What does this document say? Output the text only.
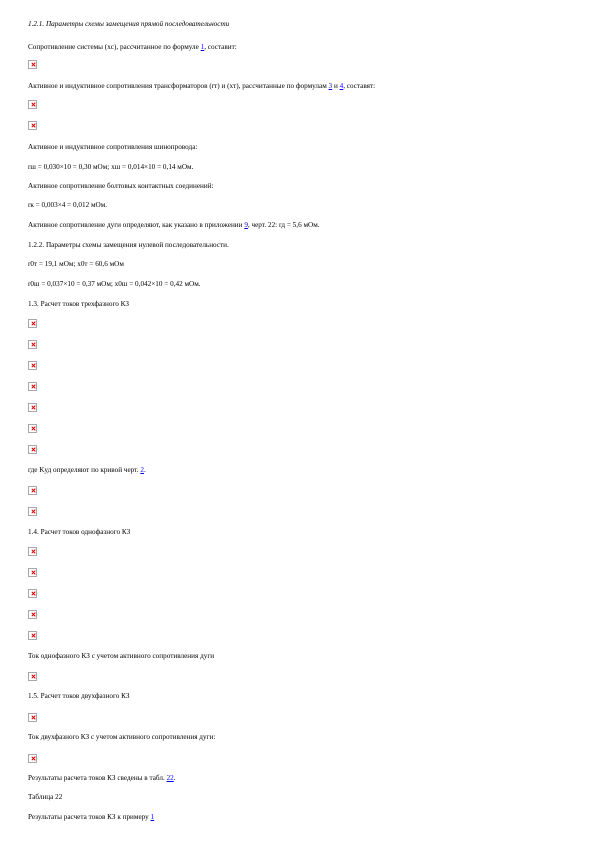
1.2.1. Параметры схемы замещения прямой последовательности
Сопротивление системы (xс), рассчитанное по формуле 1, составит:
Активное и индуктивное сопротивления трансформаторов (rт) и (xт), рассчитанные по формулам 3 и 4, составят:
Активное и индуктивное сопротивления шинопровода:
rш = 0,030×10 = 0,30 мОм; xш = 0,014×10 = 0,14 мОм.
Активное сопротивление болтовых контактных соединений:
rк = 0,003×4 = 0,012 мОм.
Активное сопротивление дуги определяют, как указано в приложении 9, черт. 22: rд = 5,6 мОм.
1.2.2. Параметры схемы замещения нулевой последовательности.
r0т = 19,1 мОм; x0т = 60,6 мОм
r0ш = 0,037×10 = 0,37 мОм; x0ш = 0,042×10 = 0,42 мОм.
1.3. Расчет токов трехфазного КЗ
где Kуд определяют по кривой черт. 2.
1.4. Расчет токов однофазного КЗ
Ток однофазного КЗ с учетом активного сопротивления дуги
1.5. Расчет токов двухфазного КЗ
Ток двухфазного КЗ с учетом активного сопротивления дуги:
Результаты расчета токов КЗ сведены в табл. 22.
Таблица 22
Результаты расчета токов КЗ к примеру 1
